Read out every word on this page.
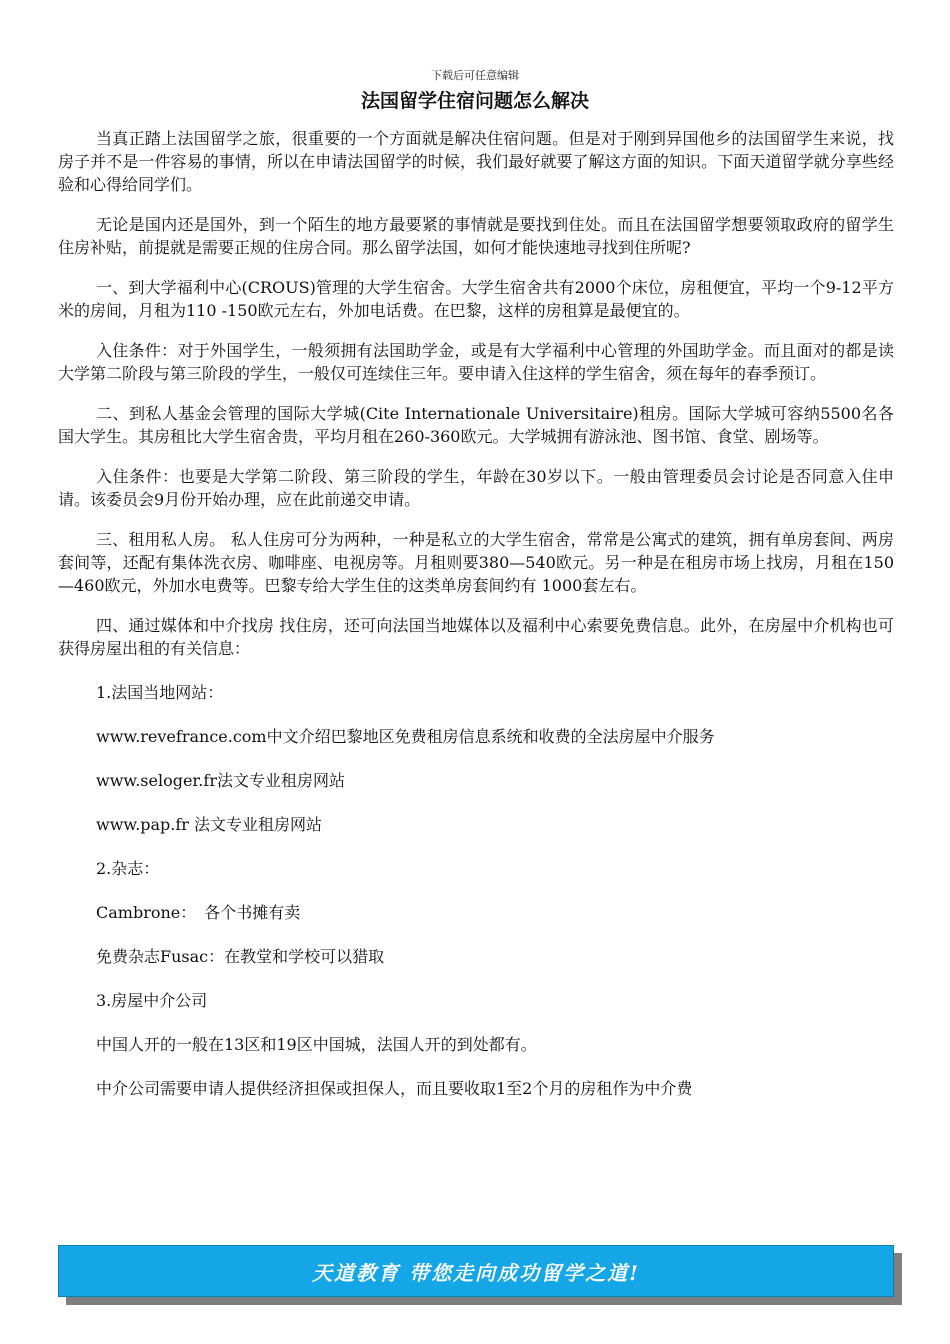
下载后可任意编辑
法国留学住宿问题怎么解决

当真正踏上法国留学之旅，很重要的一个方面就是解决住宿问题。但是对于刚到异国他乡的法国留学生来说，找房子并不是一件容易的事情，所以在申请法国留学的时候，我们最好就要了解这方面的知识。下面天道留学就分享些经验和心得给同学们。

无论是国内还是国外，到一个陌生的地方最要紧的事情就是要找到住处。而且在法国留学想要领取政府的留学生住房补贴，前提就是需要正规的住房合同。那么留学法国，如何才能快速地寻找到住所呢?

一、到大学福利中心(CROUS)管理的大学生宿舍。大学生宿舍共有2000个床位，房租便宜，平均一个9-12平方米的房间，月租为110 -150欧元左右，外加电话费。在巴黎，这样的房租算是最便宜的。

入住条件：对于外国学生，一般须拥有法国助学金，或是有大学福利中心管理的外国助学金。而且面对的都是读大学第二阶段与第三阶段的学生，一般仅可连续住三年。要申请入住这样的学生宿舍，须在每年的春季预订。

二、到私人基金会管理的国际大学城(Cite Internationale Universitaire)租房。国际大学城可容纳5500名各国大学生。其房租比大学生宿舍贵，平均月租在260-360欧元。大学城拥有游泳池、图书馆、食堂、剧场等。

入住条件：也要是大学第二阶段、第三阶段的学生，年龄在30岁以下。一般由管理委员会讨论是否同意入住申请。该委员会9月份开始办理，应在此前递交申请。

三、租用私人房。 私人住房可分为两种，一种是私立的大学生宿舍，常常是公寓式的建筑，拥有单房套间、两房套间等，还配有集体洗衣房、咖啡座、电视房等。月租则要380—540欧元。另一种是在租房市场上找房，月租在150—460欧元，外加水电费等。巴黎专给大学生住的这类单房套间约有 1000套左右。

四、通过媒体和中介找房 找住房，还可向法国当地媒体以及福利中心索要免费信息。此外，在房屋中介机构也可获得房屋出租的有关信息：

1.法国当地网站：
www.revefrance.com中文介绍巴黎地区免费租房信息系统和收费的全法房屋中介服务
www.seloger.fr法文专业租房网站
www.pap.fr 法文专业租房网站
2.杂志：
Cambrone：　各个书摊有卖
免费杂志Fusac：在教堂和学校可以猎取
3.房屋中介公司
中国人开的一般在13区和19区中国城，法国人开的到处都有。
中介公司需要申请人提供经济担保或担保人，而且要收取1至2个月的房租作为中介费
天道教育 带您走向成功留学之道!
